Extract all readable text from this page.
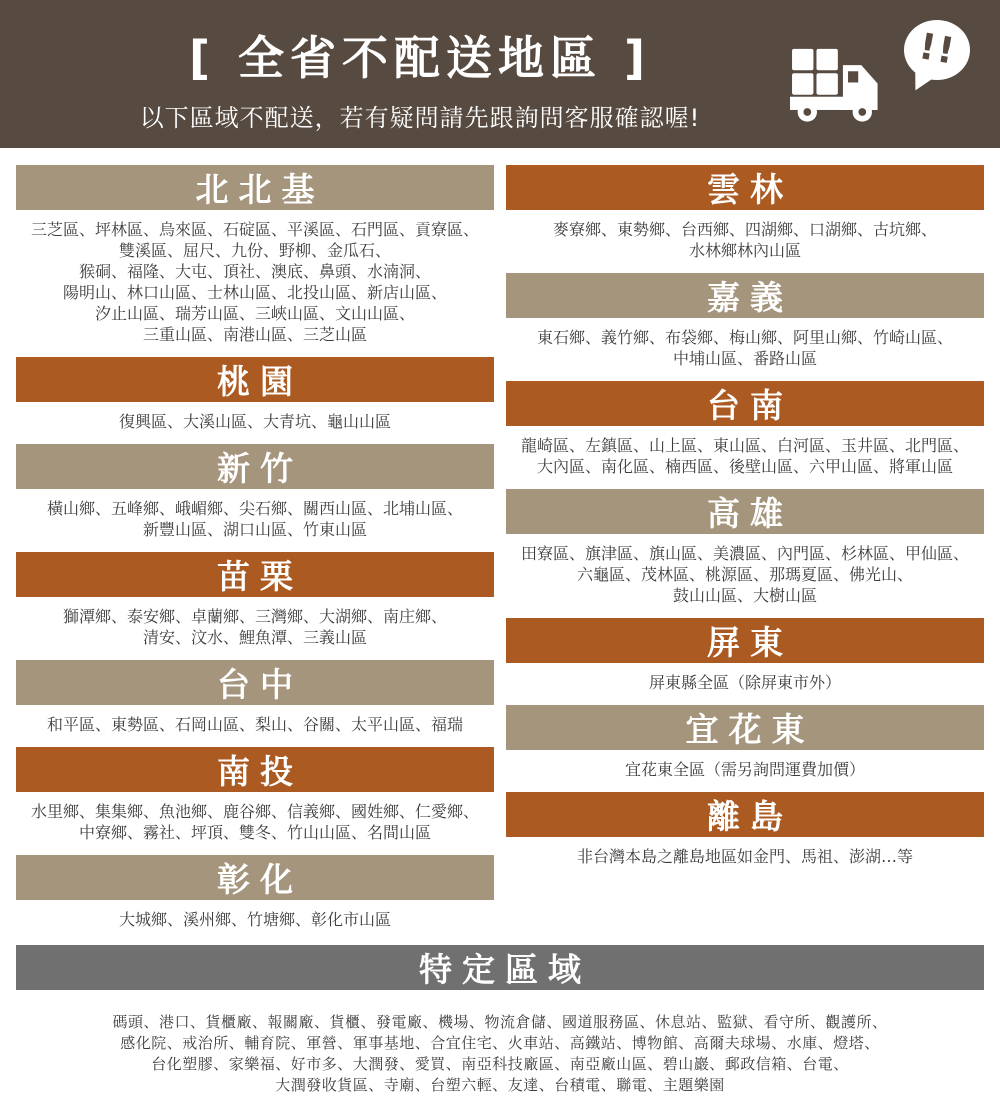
[ 全省不配送地區 ]
以下區域不配送，若有疑問請先跟詢問客服確認喔!
!!
北北基
三芝區、坪林區、烏來區、石碇區、平溪區、石門區、貢寮區、
雙溪區、屈尺、九份、野柳、金瓜石、
猴硐、福隆、大屯、頂社、澳底、鼻頭、水湳洞、
陽明山、林口山區、士林山區、北投山區、新店山區、
汐止山區、瑞芳山區、三峽山區、文山山區、
三重山區、南港山區、三芝山區
桃園
復興區、大溪山區、大青坑、龜山山區
新竹
橫山鄉、五峰鄉、峨嵋鄉、尖石鄉、關西山區、北埔山區、
新豐山區、湖口山區、竹東山區
苗栗
獅潭鄉、泰安鄉、卓蘭鄉、三灣鄉、大湖鄉、南庄鄉、
清安、汶水、鯉魚潭、三義山區
台中
和平區、東勢區、石岡山區、梨山、谷關、太平山區、福瑞
南投
水里鄉、集集鄉、魚池鄉、鹿谷鄉、信義鄉、國姓鄉、仁愛鄉、
中寮鄉、霧社、坪頂、雙冬、竹山山區、名間山區
彰化
大城鄉、溪州鄉、竹塘鄉、彰化市山區
雲林
麥寮鄉、東勢鄉、台西鄉、四湖鄉、口湖鄉、古坑鄉、
水林鄉林內山區
嘉義
東石鄉、義竹鄉、布袋鄉、梅山鄉、阿里山鄉、竹崎山區、
中埔山區、番路山區
台南
龍崎區、左鎮區、山上區、東山區、白河區、玉井區、北門區、
大內區、南化區、楠西區、後壁山區、六甲山區、將軍山區
高雄
田寮區、旗津區、旗山區、美濃區、內門區、杉林區、甲仙區、
六龜區、茂林區、桃源區、那瑪夏區、佛光山、
鼓山山區、大樹山區
屏東
屏東縣全區（除屏東市外）
宜花東
宜花東全區（需另詢問運費加價）
離島
非台灣本島之離島地區如金門、馬祖、澎湖…等
特定區域
碼頭、港口、貨櫃廠、報關廠、貨櫃、發電廠、機場、物流倉儲、國道服務區、休息站、監獄、看守所、觀護所、
感化院、戒治所、輔育院、軍營、軍事基地、合宜住宅、火車站、高鐵站、博物館、高爾夫球場、水庫、燈塔、
台化塑膠、家樂福、好市多、大潤發、愛買、南亞科技廠區、南亞廠山區、碧山巖、郵政信箱、台電、
大潤發收貨區、寺廟、台塑六輕、友達、台積電、聯電、主題樂園
